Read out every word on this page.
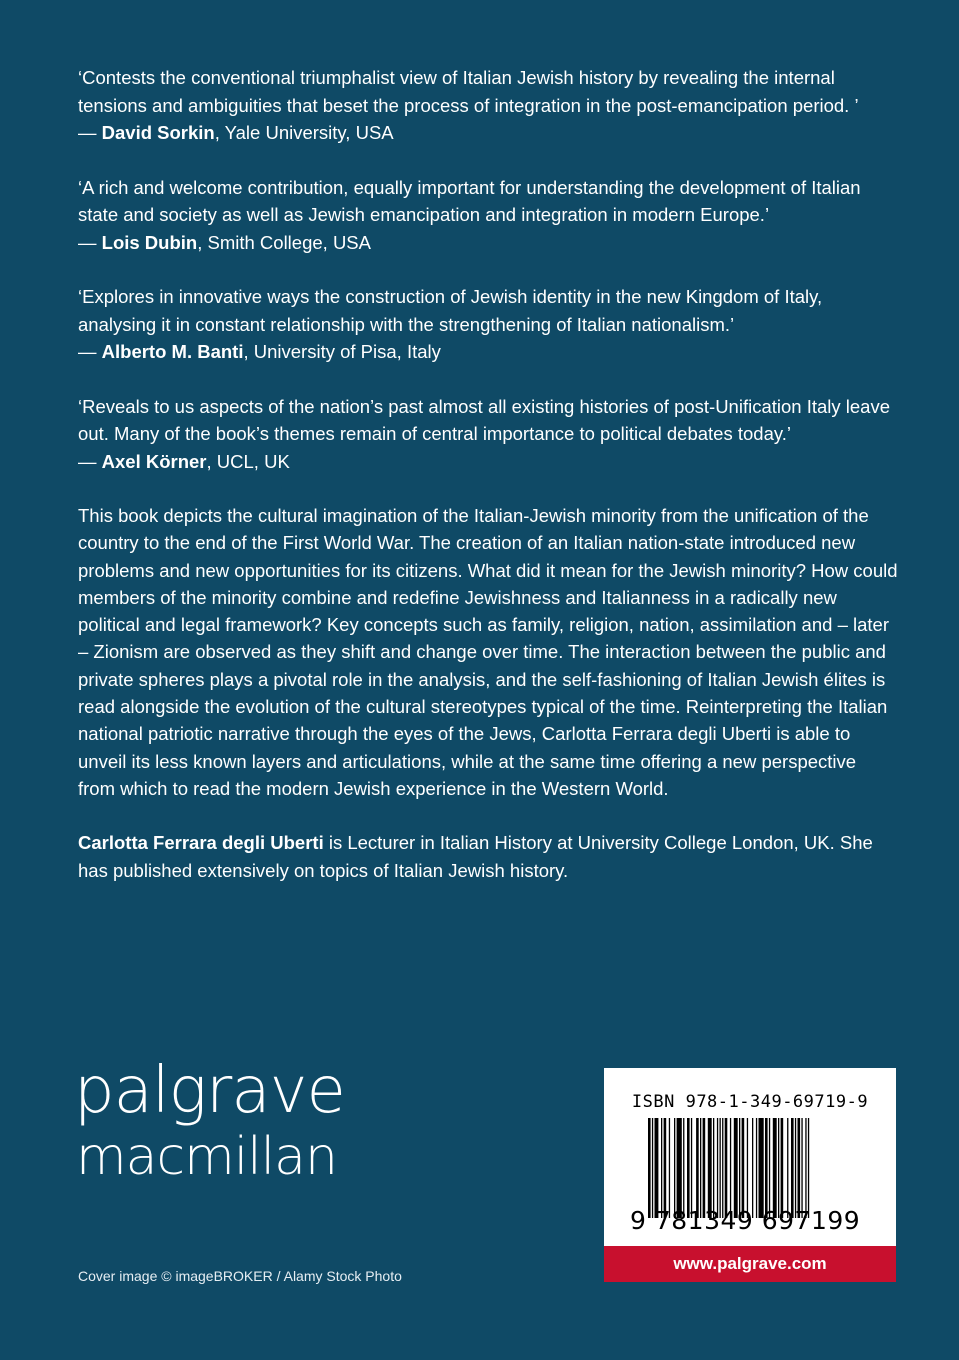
‘Contests the conventional triumphalist view of Italian Jewish history by revealing the internal tensions and ambiguities that beset the process of integration in the post-emancipation period. ’

— David Sorkin, Yale University, USA

‘A rich and welcome contribution, equally important for understanding the development of Italian state and society as well as Jewish emancipation and integration in modern Europe.’

— Lois Dubin, Smith College, USA

‘Explores in innovative ways the construction of Jewish identity in the new Kingdom of Italy, analysing it in constant relationship with the strengthening of Italian nationalism.’

— Alberto M. Banti, University of Pisa, Italy

‘Reveals to us aspects of the nation’s past almost all existing histories of post-Unification Italy leave out. Many of the book’s themes remain of central importance to political debates today.’

— Axel Körner, UCL, UK

This book depicts the cultural imagination of the Italian-Jewish minority from the unification of the country to the end of the First World War. The creation of an Italian nation-state introduced new problems and new opportunities for its citizens. What did it mean for the Jewish minority? How could members of the minority combine and redefine Jewishness and Italianness in a radically new political and legal framework? Key concepts such as family, religion, nation, assimilation and – later – Zionism are observed as they shift and change over time. The interaction between the public and private spheres plays a pivotal role in the analysis, and the self-fashioning of Italian Jewish élites is read alongside the evolution of the cultural stereotypes typical of the time. Reinterpreting the Italian national patriotic narrative through the eyes of the Jews, Carlotta Ferrara degli Uberti is able to unveil its less known layers and articulations, while at the same time offering a new perspective from which to read the modern Jewish experience in the Western World.

Carlotta Ferrara degli Uberti is Lecturer in Italian History at University College London, UK. She has published extensively on topics of Italian Jewish history.

palgrave
macmillan
Cover image © imageBROKER / Alamy Stock Photo
ISBN 978-1-349-69719-9
9 781349 697199
www.palgrave.com
